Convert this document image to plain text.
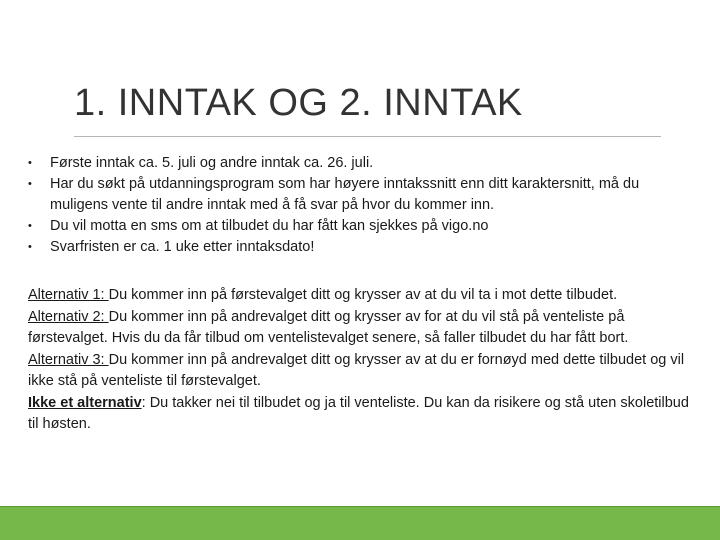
1. INNTAK OG 2. INNTAK
• Første inntak ca. 5. juli og andre inntak ca. 26. juli.
• Har du søkt på utdanningsprogram som har høyere inntakssnitt enn ditt karaktersnitt, må du muligens vente til andre inntak med å få svar på hvor du kommer inn.
• Du vil motta en sms om at tilbudet du har fått kan sjekkes på vigo.no
• Svarfristen er ca. 1 uke etter inntaksdato!
Alternativ 1: Du kommer inn på førstevalget ditt og krysser av at du vil ta i mot dette tilbudet.
Alternativ 2: Du kommer inn på andrevalget ditt og krysser av for at du vil stå på venteliste på førstevalget. Hvis du da får tilbud om ventelistevalget senere, så faller tilbudet du har fått bort.
Alternativ 3: Du kommer inn på andrevalget ditt og krysser av at du er fornøyd med dette tilbudet og vil ikke stå på venteliste til førstevalget.
Ikke et alternativ: Du takker nei til tilbudet og ja til venteliste. Du kan da risikere og stå uten skoletilbud til høsten.
